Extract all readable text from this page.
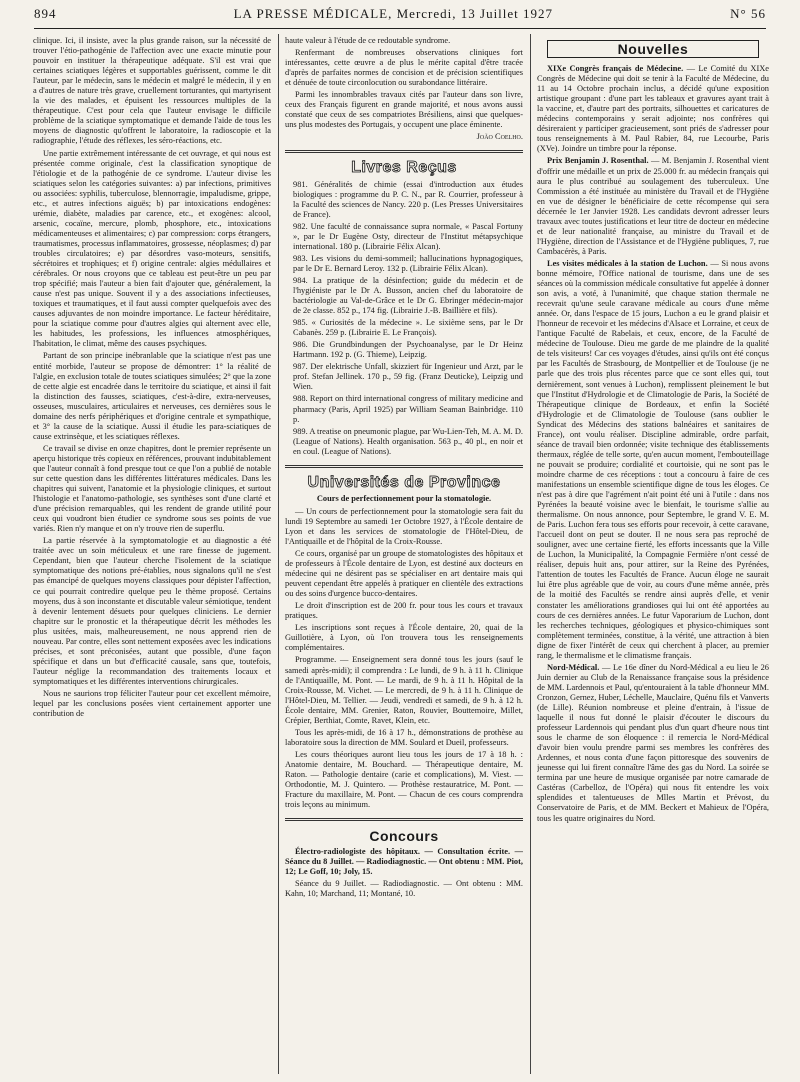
894	LA PRESSE MÉDICALE, Mercredi, 13 Juillet 1927	N° 56

clinique. Ici, il insiste, avec la plus grande raison, sur la nécessité de trouver l'étio-pathogénie de l'affection avec une exacte minutie pour pouvoir en instituer la thérapeutique adéquate. S'il est vrai que certaines sciatiques légères et supportables guérissent, comme le dit l'auteur, par le médecin, sans le médecin et malgré le médecin, il y en a d'autres de nature très grave, cruellement torturantes, qui martyrisent la vie des malades, et épuisent les ressources multiples de la thérapeutique. C'est pour cela que l'auteur envisage le difficile problème de la sciatique symptomatique et demande l'aide de tous les moyens de diagnostic qu'offrent le laboratoire, la radioscopie et la radiographie, l'étude des réflexes, les séro-réactions, etc.

Une partie extrêmement intéressante de cet ouvrage, et qui nous est présentée comme originale, c'est la classification synoptique de l'étiologie et de la pathogénie de ce syndrome. L'auteur divise les sciatiques selon les catégories suivantes: a) par infections, primitives ou associées: syphilis, tuberculose, blennorragie, impaludisme, grippe, etc., et autres infections aiguës; b) par intoxications endogènes: urémie, diabète, maladies par carence, etc., et exogènes: alcool, arsenic, cocaïne, mercure, plomb, phosphore, etc., intoxications médicamenteuses et alimentaires; c) par compression: corps étrangers, traumatismes, processus inflammatoires, grossesse, néoplasmes; d) par troubles circulatoires; e) par désordres vaso-moteurs, sensitifs, sécrétoires et trophiques; et f) origine centrale: algies médullaires et cérébrales. Or nous croyons que ce tableau est peut-être un peu par trop spécifié; mais l'auteur a bien fait d'ajouter que, généralement, la cause n'est pas unique. Souvent il y a des associations infectieuses, toxiques et traumatiques, et il faut aussi compter quelquefois avec des causes adjuvantes de non moindre importance. Le facteur héréditaire, pour la sciatique comme pour d'autres algies qui alternent avec elle, les habitudes, les professions, les influences atmosphériques, l'habitation, le climat, même des causes psychiques.

Partant de son principe inébranlable que la sciatique n'est pas une entité morbide, l'auteur se propose de démontrer: 1° la réalité de l'algie, en exclusion totale de toutes sciatiques simulées; 2° que la zone de cette algie est encadrée dans le territoire du sciatique, et ainsi il fait la distinction des fausses, sciatiques, c'est-à-dire, extra-nerveuses, osseuses, musculaires, articulaires et nerveuses, ces dernières sous le domaine des nerfs périphériques et d'origine centrale et sympathique, et 3° la cause de la sciatique. Aussi il étudie les para-sciatiques de cause extrinsèque, et les sciatiques réflexes.

Ce travail se divise en onze chapitres, dont le premier représente un aperçu historique très copieux en références, prouvant indubitablement que l'auteur connaît à fond presque tout ce que l'on a publié de notable sur cette question dans les différentes littératures médicales. Dans les chapitres qui suivent, l'anatomie et la physiologie cliniques, et surtout l'histologie et l'anatomo-pathologie, ses synthèses sont d'une clarté et d'une précision remarquables, qui les rendent de grande utilité pour ceux qui voudront bien étudier ce syndrome sous ses points de vue variés. Rien n'y manque et on n'y trouve rien de superflu.

La partie réservée à la symptomatologie et au diagnostic a été traitée avec un soin méticuleux et une rare finesse de jugement. Cependant, bien que l'auteur cherche l'isolement de la sciatique symptomatique des notions pré-établies, nous signalons qu'il ne s'est pas émancipé de quelques moyens classiques pour dépister l'affection, ce qui pourrait contredire quelque peu le thème proposé. Certains moyens, dus à son inconstante et discutable valeur sémiotique, tendent à devenir lentement désuets pour quelques cliniciens. Le dernier chapitre sur le pronostic et la thérapeutique décrit les méthodes les plus usitées, mais, malheureusement, ne nous apprend rien de nouveau. Par contre, elles sont nettement exposées avec les indications précises, et sont préconisées, autant que possible, d'une façon spécifique et dans un but d'efficacité causale, sans que, toutefois, l'auteur néglige la recommandation des traitements locaux et symptomatiques et les différentes interventions chirurgicales.

Nous ne saurions trop féliciter l'auteur pour cet excellent mémoire, lequel par les conclusions posées vient certainement apporter une contribution de

haute valeur à l'étude de ce redoutable syndrome.

Renfermant de nombreuses observations cliniques fort intéressantes, cette œuvre a de plus le mérite capital d'être tracée d'après de parfaites normes de concision et de précision scientifiques et dénuée de toute circonlocution ou surabondance littéraire.

Parmi les innombrables travaux cités par l'auteur dans son livre, ceux des Français figurent en grande majorité, et nous avons aussi constaté que ceux de ses compatriotes Brésiliens, ainsi que quelques-uns plus modestes des Portugais, y occupent une place éminente.

João Coelho.

Livres Reçus

981. Généralités de chimie (essai d'introduction aux études biologiques : programme du P. C. N., par R. Courrier, professeur à la Faculté des sciences de Nancy. 220 p. (Les Presses Universitaires de France).

982. Une faculté de connaissance supra normale, « Pascal Fortuny », par le Dr Eugène Osty, directeur de l'Institut métapsychique international. 180 p. (Librairie Félix Alcan).

983. Les visions du demi-sommeil; hallucinations hypnagogiques, par le Dr E. Bernard Leroy. 132 p. (Librairie Félix Alcan).

984. La pratique de la désinfection; guide du médecin et de l'hygiéniste par le Dr A. Busson, ancien chef du laboratoire de bactériologie au Val-de-Grâce et le Dr G. Ebringer médecin-major de 2e classe. 852 p., 174 fig. (Librairie J.-B. Baillière et fils).

985. « Curiosités de la médecine ». Le sixième sens, par le Dr Cabanès. 259 p. (Librairie E. Le François).

986. Die Grundbindungen der Psychoanalyse, par le Dr Heinz Hartmann. 192 p. (G. Thieme), Leipzig.

987. Der elektrische Unfall, skizziert für Ingenieur und Arzt, par le prof. Stefan Jellinek. 170 p., 59 fig. (Franz Deuticke), Leipzig und Wien.

988. Report on third international congress of military medicine and pharmacy (Paris, April 1925) par William Seaman Bainbridge. 110 p.

989. A treatise on pneumonic plague, par Wu-Lien-Teh, M. A. M. D. (League of Nations). Health organisation. 563 p., 40 pl., en noir et en coul. (League of Nations).

Universités de Province
Cours de perfectionnement pour la stomatologie.

— Un cours de perfectionnement pour la stomatologie sera fait du lundi 19 Septembre au samedi 1er Octobre 1927, à l'École dentaire de Lyon et dans les services de stomatologie de l'Hôtel-Dieu, de l'Antiquaille et de l'hôpital de la Croix-Rousse.

Ce cours, organisé par un groupe de stomatologistes des hôpitaux et de professeurs à l'École dentaire de Lyon, est destiné aux docteurs en médecine qui ne désirent pas se spécialiser en art dentaire mais qui peuvent cependant être appelés à pratiquer en clientèle des extractions ou des soins d'urgence bucco-dentaires.

Le droit d'inscription est de 200 fr. pour tous les cours et travaux pratiques.

Les inscriptions sont reçues à l'École dentaire, 20, quai de la Guillotière, à Lyon, où l'on trouvera tous les renseignements complémentaires.

Programme. — Enseignement sera donné tous les jours (sauf le samedi après-midi); il comprendra : Le lundi, de 9 h. à 11 h. Clinique de l'Antiquaille, M. Pont. — Le mardi, de 9 h. à 11 h. Hôpital de la Croix-Rousse, M. Vichet. — Le mercredi, de 9 h. à 11 h. Clinique de l'Hôtel-Dieu, M. Tellier. — Jeudi, vendredi et samedi, de 9 h. à 12 h. École dentaire, MM. Grenier, Raton, Rouvier, Bouttemoire, Millet, Crépier, Berthiat, Comte, Ravet, Klein, etc.

Tous les après-midi, de 16 à 17 h., démonstrations de prothèse au laboratoire sous la direction de MM. Soulard et Dueil, professeurs.

Les cours théoriques auront lieu tous les jours de 17 à 18 h. : Anatomie dentaire, M. Bouchard. — Thérapeutique dentaire, M. Raton. — Pathologie dentaire (carie et complications), M. Viest. — Orthodontie, M. J. Quintero. — Prothèse restauratrice, M. Pont. — Fracture du maxillaire, M. Pont. — Chacun de ces cours comprendra trois leçons au minimum.

Concours

Électro-radiologiste des hôpitaux. — Consultation écrite. — Séance du 8 Juillet. — Radiodiagnostic. — Ont obtenu : MM. Piot, 12; Le Goff, 10; Joly, 15.

Séance du 9 Juillet. — Radiodiagnostic. — Ont obtenu : MM. Kahn, 10; Marchand, 11; Montané, 10.

Nouvelles

XIXe Congrès français de Médecine. — Le Comité du XIXe Congrès de Médecine qui doit se tenir à la Faculté de Médecine, du 11 au 14 Octobre prochain inclus, a décidé qu'une exposition artistique groupant : d'une part les tableaux et gravures ayant trait à la vaccine, et, d'autre part des portraits, silhouettes et caricatures de médecins contemporains y serait adjointe; nos confrères qui désireraient y participer gracieusement, sont priés de s'adresser pour tous renseignements à M. Paul Rabier, 84, rue Lecourbe, Paris (XVe). Joindre un timbre pour la réponse.

Prix Benjamin J. Rosenthal. — M. Benjamin J. Rosenthal vient d'offrir une médaille et un prix de 25.000 fr. au médecin français qui aura le plus contribué au soulagement des tuberculeux. Une Commission a été instituée au ministère du Travail et de l'Hygiène en vue de désigner le bénéficiaire de cette récompense qui sera décernée le 1er Janvier 1928. Les candidats devront adresser leurs travaux avec toutes justifications et leur titre de docteur en médecine et de leur nationalité française, au ministre du Travail et de l'Hygiène, direction de l'Assistance et de l'Hygiène publiques, 7, rue Cambacérès, à Paris.

Les visites médicales à la station de Luchon. — Si nous avons bonne mémoire, l'Office national de tourisme, dans une de ses séances où la commission médicale consultative fut appelée à donner son avis, a voté, à l'unanimité, que chaque station thermale ne recevrait qu'une seule caravane médicale au cours d'une même année. Or, dans l'espace de 15 jours, Luchon a eu le grand plaisir et l'honneur de recevoir et les médecins d'Alsace et Lorraine, et ceux de l'antique Faculté de Rabelais, et ceux, encore, de la Faculté de médecine de Toulouse. Dieu me garde de me plaindre de la qualité de tels visiteurs! Car ces voyages d'études, ainsi qu'ils ont été conçus par les Facultés de Strasbourg, de Montpellier et de Toulouse (je ne parle que des trois plus récentes parce que ce sont elles qui, tout dernièrement, sont venues à Luchon), remplissent pleinement le but que l'Institut d'Hydrologie et de Climatologie de Paris, la Société de Thérapeutique clinique de Bordeaux, et enfin la Société d'Hydrologie et de Climatologie de Toulouse (sans oublier le Syndicat des Médecins des stations balnéaires et sanitaires de France), ont voulu réaliser. Discipline admirable, ordre parfait, séance de travail bien ordonnée; visite technique des établissements thermaux, réglée de telle sorte, qu'en aucun moment, l'embouteillage ne pouvait se produire; cordialité et courtoisie, qui ne sont pas le moindre charme de ces réceptions : tout a concouru à faire de ces manifestations un ensemble scientifique digne de tous les éloges. Ce n'est pas à dire que l'agrément n'ait point été uni à l'utile : dans nos Pyrénées la beauté voisine avec le bienfait, le tourisme s'allie au thermalisme. On nous annonce, pour Septembre, le grand V. E. M. de Paris. Luchon fera tous ses efforts pour recevoir, à cette caravane, l'accueil dont on peut se douter. Il ne nous sera pas reproché de souligner, avec une certaine fierté, les efforts incessants que la Ville de Luchon, la Municipalité, la Compagnie Fermière n'ont cessé de réaliser, depuis huit ans, pour attirer, sur la Reine des Pyrénées, l'attention de toutes les Facultés de France. Aucun éloge ne saurait lui être plus agréable que de voir, au cours d'une même année, près de la moitié des Facultés se rendre ainsi auprès d'elle, et venir constater les améliorations grandioses qui lui ont été apportées au cours de ces dernières années. Le futur Vaporarium de Luchon, dont les recherches techniques, géologiques et physico-chimiques sont complètement terminées, constitue, à la vérité, une attraction à bien digne de fixer l'intérêt de ceux qui cherchent à placer, au premier rang, le thermalisme et le climatisme français.

Nord-Médical. — Le 16e dîner du Nord-Médical a eu lieu le 26 Juin dernier au Club de la Renaissance française sous la présidence de MM. Lardennois et Paul, qu'entouraient à la table d'honneur MM. Cronzon, Gernez, Huber, Léchelle, Mauclaire, Quénu fils et Vanverts (de Lille). Réunion nombreuse et pleine d'entrain, à l'issue de laquelle il nous fut donné le plaisir d'écouter le discours du professeur Lardennois qui pendant plus d'un quart d'heure nous tint sous le charme de son éloquence : il remercia le Nord-Médical d'avoir bien voulu prendre parmi ses membres les confrères des Ardennes, et nous conta d'une façon pittoresque des souvenirs de jeunesse qui lui firent connaître l'âme des gas du Nord. La soirée se termina par une heure de musique organisée par notre camarade de Castéras (Carbelloz, de l'Opéra) qui nous fit entendre les voix splendides et talentueuses de Mlles Martin et Prévost, du Conservatoire de Paris, et de MM. Beckert et Mahieux de l'Opéra, tous les quatre originaires du Nord.
